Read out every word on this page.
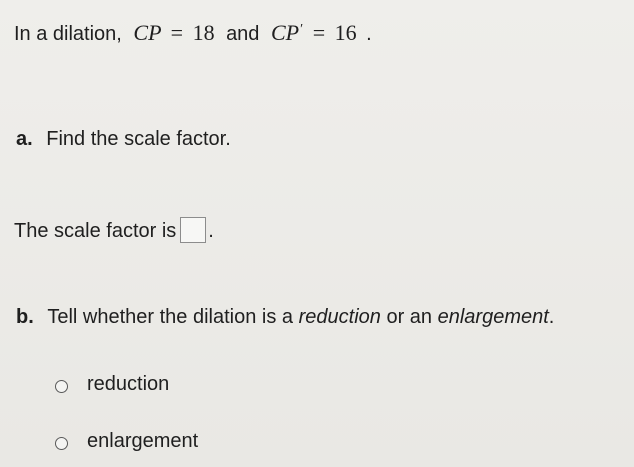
In a dilation, CP = 18 and CP′ = 16 .
a. Find the scale factor.
The scale factor is .
b. Tell whether the dilation is a reduction or an enlargement.
reduction
enlargement
